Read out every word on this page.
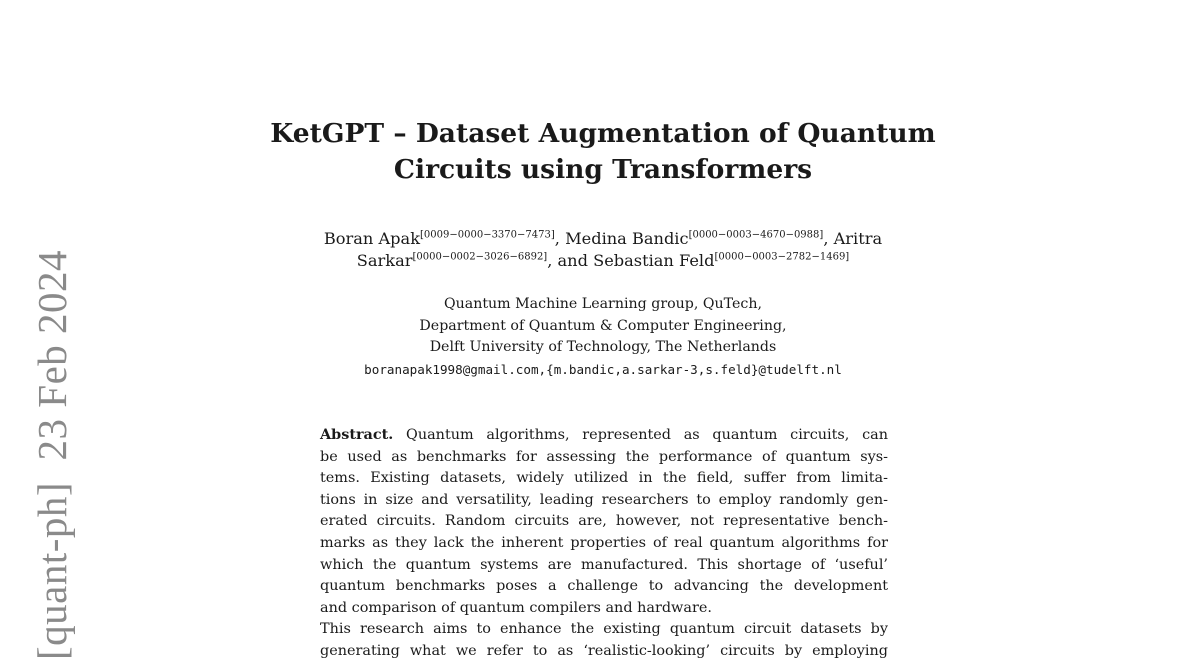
[quant-ph]  23 Feb 2024
KetGPT – Dataset Augmentation of Quantum
Circuits using Transformers
Boran Apak[0009−0000−3370−7473], Medina Bandic[0000−0003−4670−0988], Aritra
Sarkar[0000−0002−3026−6892], and Sebastian Feld[0000−0003−2782−1469]
Quantum Machine Learning group, QuTech,
Department of Quantum & Computer Engineering,
Delft University of Technology, The Netherlands
boranapak1998@gmail.com,{m.bandic,a.sarkar-3,s.feld}@tudelft.nl
Abstract. Quantum algorithms, represented as quantum circuits, can
be used as benchmarks for assessing the performance of quantum sys-
tems. Existing datasets, widely utilized in the field, suffer from limita-
tions in size and versatility, leading researchers to employ randomly gen-
erated circuits. Random circuits are, however, not representative bench-
marks as they lack the inherent properties of real quantum algorithms for
which the quantum systems are manufactured. This shortage of ‘useful’
quantum benchmarks poses a challenge to advancing the development
and comparison of quantum compilers and hardware.
This research aims to enhance the existing quantum circuit datasets by
generating what we refer to as ‘realistic-looking’ circuits by employing
